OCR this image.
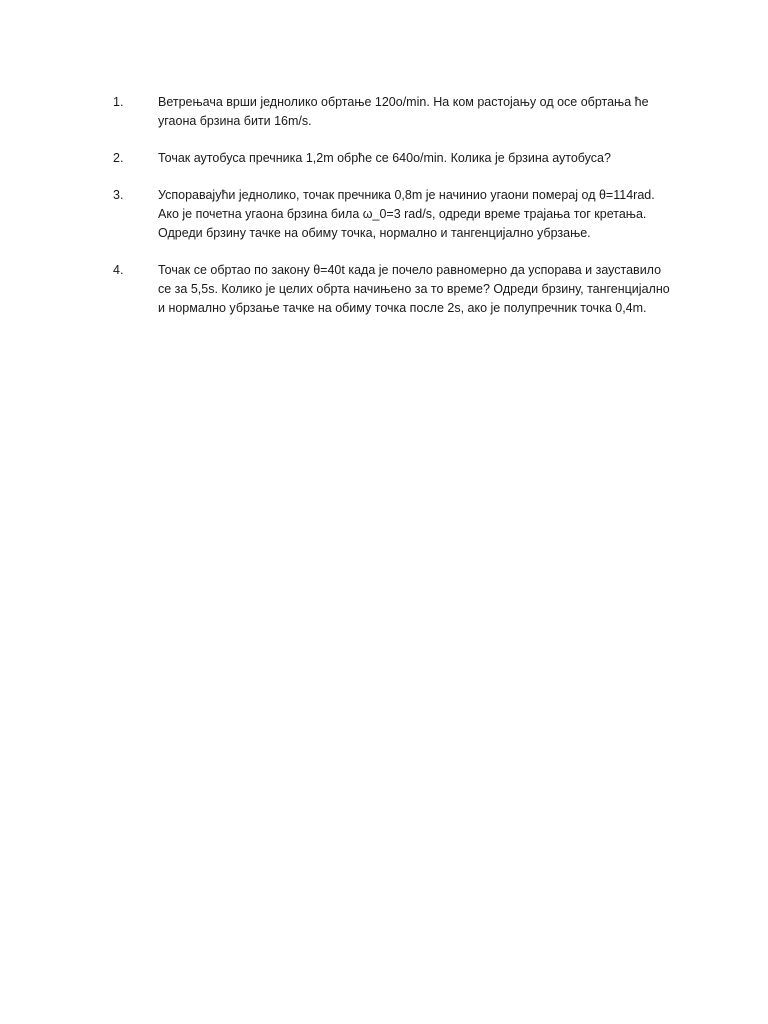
1.	Ветрењача врши једнолико обртање 120о/min. На ком растојању од осе обртања ће
угаона брзина бити 16m/s.
2.	Точак аутобуса пречника 1,2m обрће се 640о/min. Колика је брзина аутобуса?
3.	Успоравајући једнолико, точак пречника 0,8m је начинио угаони померај од θ=114rad.
Ако је почетна угаона брзина била ω_0=3 rad/s, одреди време трајања тог кретања.
Одреди брзину тачке на обиму точка, нормално и тангенцијално убрзање.
4.	Точак се обртао по закону θ=40t када је почело равномерно да успорава и зауставило
се за 5,5s. Колико је целих обрта начињено за то време? Одреди брзину, тангенцијално
и нормално убрзање тачке на обиму точка после 2s, ако је полупречник точка 0,4m.
